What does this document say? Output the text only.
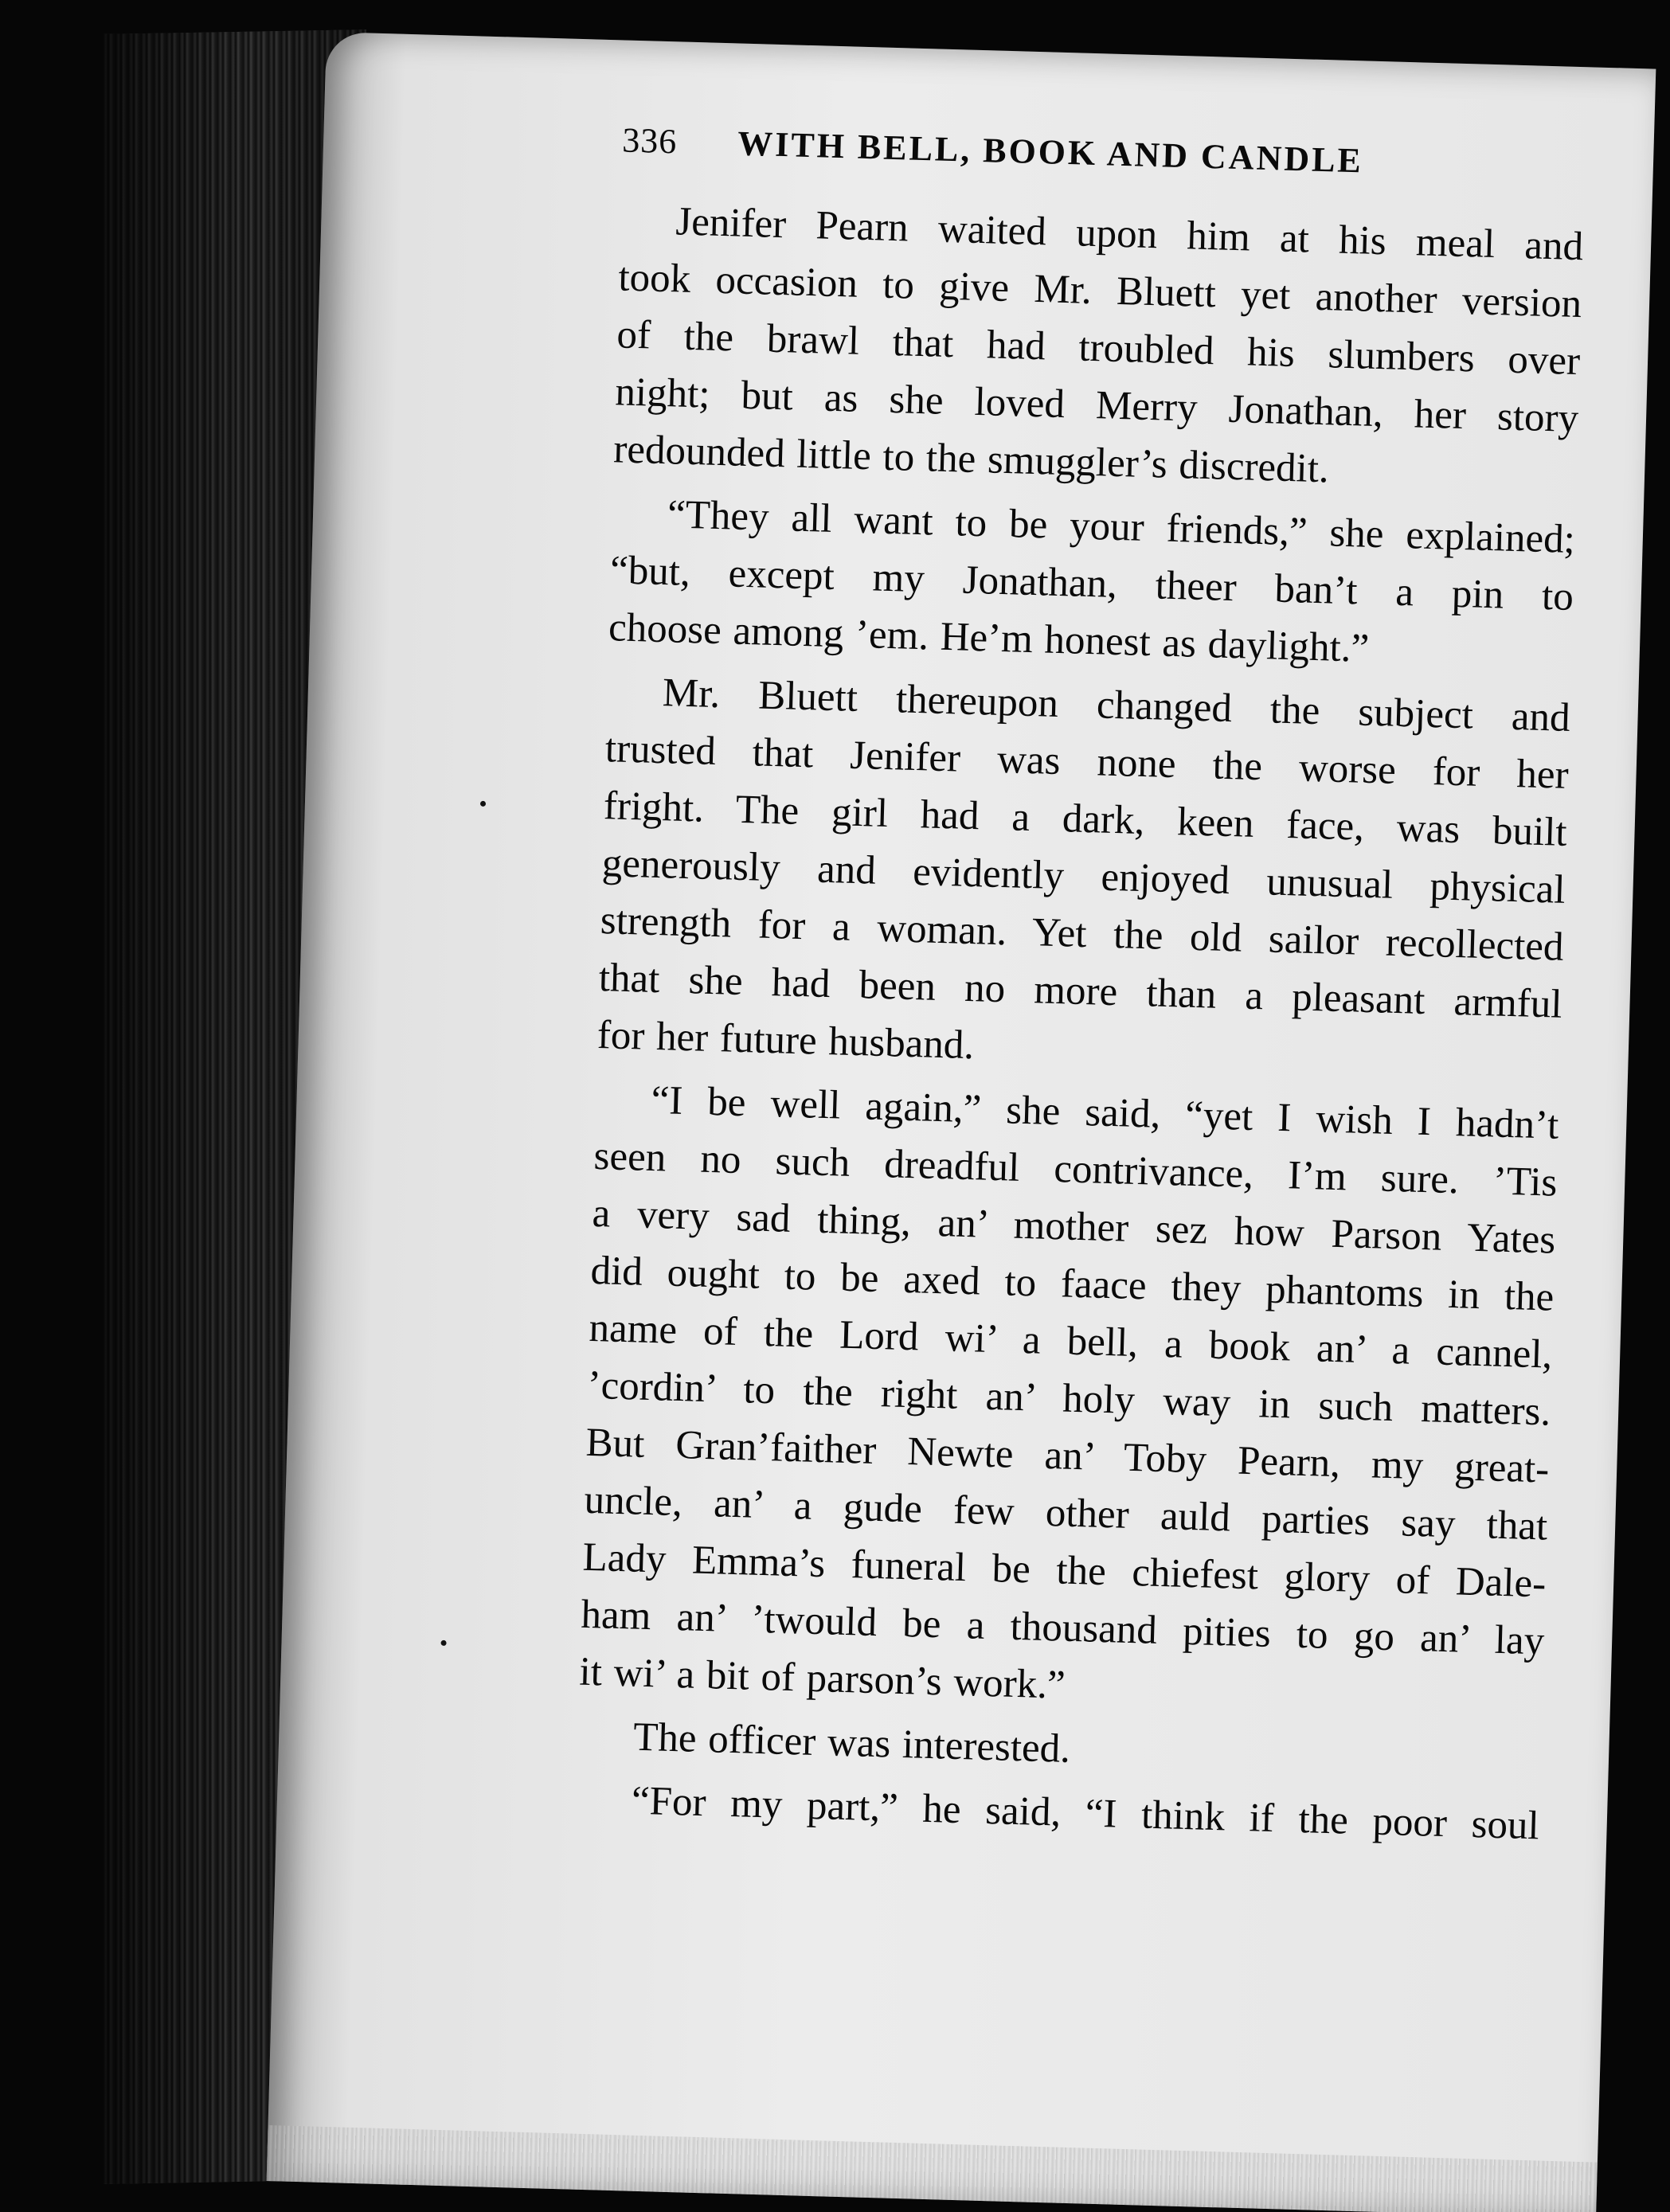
336	WITH BELL, BOOK AND CANDLE
Jenifer Pearn waited upon him at his meal and
took occasion to give Mr. Bluett yet another version
of the brawl that had troubled his slumbers over
night; but as she loved Merry Jonathan, her story
redounded little to the smuggler’s discredit.
“They all want to be your friends,” she explained;
“but, except my Jonathan, theer ban’t a pin to
choose among ’em. He’m honest as daylight.”
Mr. Bluett thereupon changed the subject and
trusted that Jenifer was none the worse for her
fright. The girl had a dark, keen face, was built
generously and evidently enjoyed unusual physical
strength for a woman. Yet the old sailor recollected
that she had been no more than a pleasant armful
for her future husband.
“I be well again,” she said, “yet I wish I hadn’t
seen no such dreadful contrivance, I’m sure. ’Tis
a very sad thing, an’ mother sez how Parson Yates
did ought to be axed to faace they phantoms in the
name of the Lord wi’ a bell, a book an’ a cannel,
’cordin’ to the right an’ holy way in such matters.
But Gran’faither Newte an’ Toby Pearn, my great-
uncle, an’ a gude few other auld parties say that
Lady Emma’s funeral be the chiefest glory of Dale-
ham an’ ’twould be a thousand pities to go an’ lay
it wi’ a bit of parson’s work.”
The officer was interested.
“For my part,” he said, “I think if the poor soul
